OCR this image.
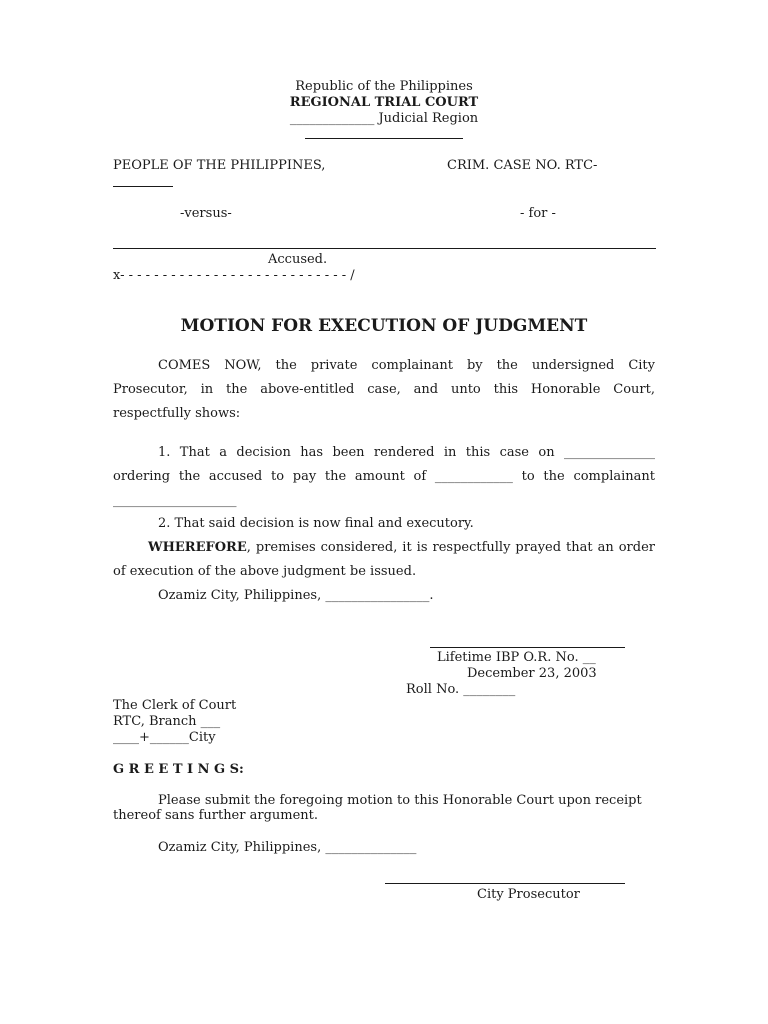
Republic of the Philippines
REGIONAL TRIAL COURT
_____________ Judicial Region
PEOPLE OF THE PHILIPPINES,	CRIM. CASE NO. RTC-
-versus-	- for -
Accused.
x- - - - - - - - - - - - - - - - - - - - - - - - - - - /
MOTION FOR EXECUTION OF JUDGMENT
COMES NOW, the private complainant by the undersigned City
Prosecutor, in the above-entitled case, and unto this Honorable Court,
respectfully shows:
1. That a decision has been rendered in this case on ______________
ordering the accused to pay the amount of ____________ to the complainant
___________________
2. That said decision is now final and executory.
WHEREFORE, premises considered, it is respectfully prayed that an order
of execution of the above judgment be issued.
Ozamiz City, Philippines, ________________.
Lifetime IBP O.R. No. __
December 23, 2003
Roll No. ________
The Clerk of Court
RTC, Branch ___
____+______City
G R E E T I N G S:
Please submit the foregoing motion to this Honorable Court upon receipt
thereof sans further argument.
Ozamiz City, Philippines, ______________
City Prosecutor
